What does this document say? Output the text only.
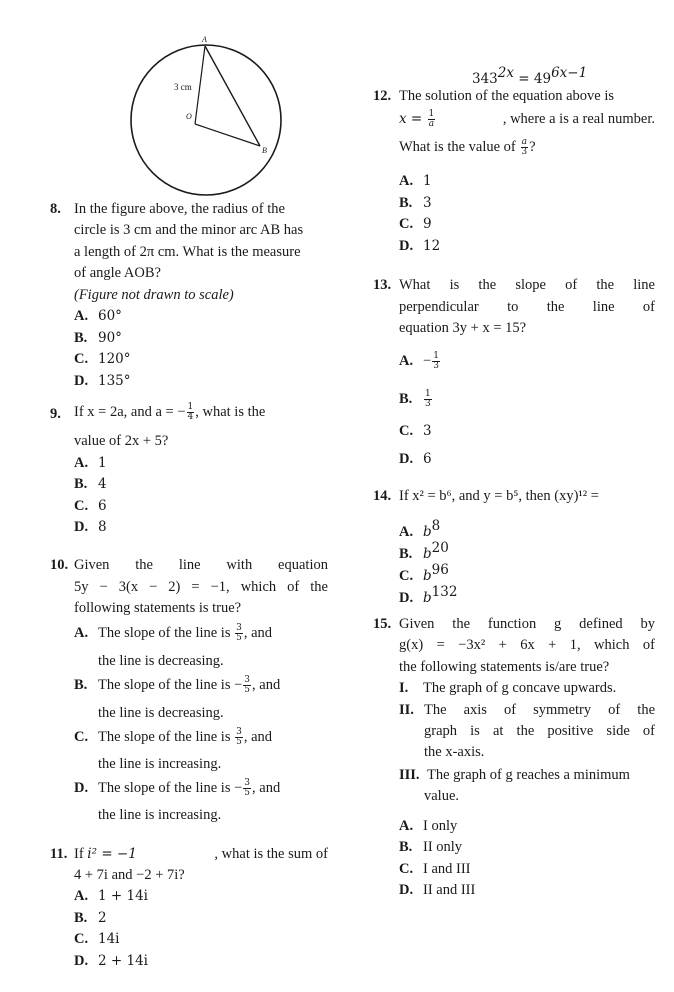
A
3 cm
O
B
8. In the figure above, the radius of the
circle is 3 cm and the minor arc AB has
a length of 2π cm. What is the measure
of angle AOB?
(Figure not drawn to scale)
A. 60°
B. 90°
C. 120°
D. 135°
9. If x = 2a, and a = − $\frac{1}{4}$ , what is the
value of 2x + 5?
A. 1
B. 4
C. 6
D. 8
10. Given the line with equation
5y − 3(x − 2) = −1, which of the
following statements is true?
A. The slope of the line is $\frac{3}{5}$ , and
the line is decreasing.
B. The slope of the line is − $\frac{3}{5}$ , and
the line is decreasing.
C. The slope of the line is $\frac{3}{5}$ , and
the line is increasing.
D. The slope of the line is − $\frac{3}{5}$ , and
the line is increasing.
11. If i² = −1	, what is the sum of
4 + 7i and −2 + 7i?
A. 1 + 14i
B. 2
C. 14i
D. 2 + 14i
$343^{2x} = 49^{6x-1}$
12. The solution of the equation above is
$x = \frac{1}{a}$	, where a is a real number.
What is the value of $\frac{a}{3}$ ?
A. 1
B. 3
C. 9
D. 12
13. What is the slope of the line
perpendicular to the line of
equation 3y + x = 15?
A. − $\frac{1}{3}$
B. $\frac{1}{3}$
C. 3
D. 6
14. If x² = b⁶, and y = b⁵, then (xy)¹² =
A. $b^8$
B. $b^{20}$
C. $b^{96}$
D. $b^{132}$
15. Given the function g defined by
g(x) = −3x² + 6x + 1, which of
the following statements is/are true?
I. The graph of g concave upwards.
II. The axis of symmetry of the
graph is at the positive side of
the x-axis.
III. The graph of g reaches a minimum
value.
A. I only
B. II only
C. I and III
D. II and III
